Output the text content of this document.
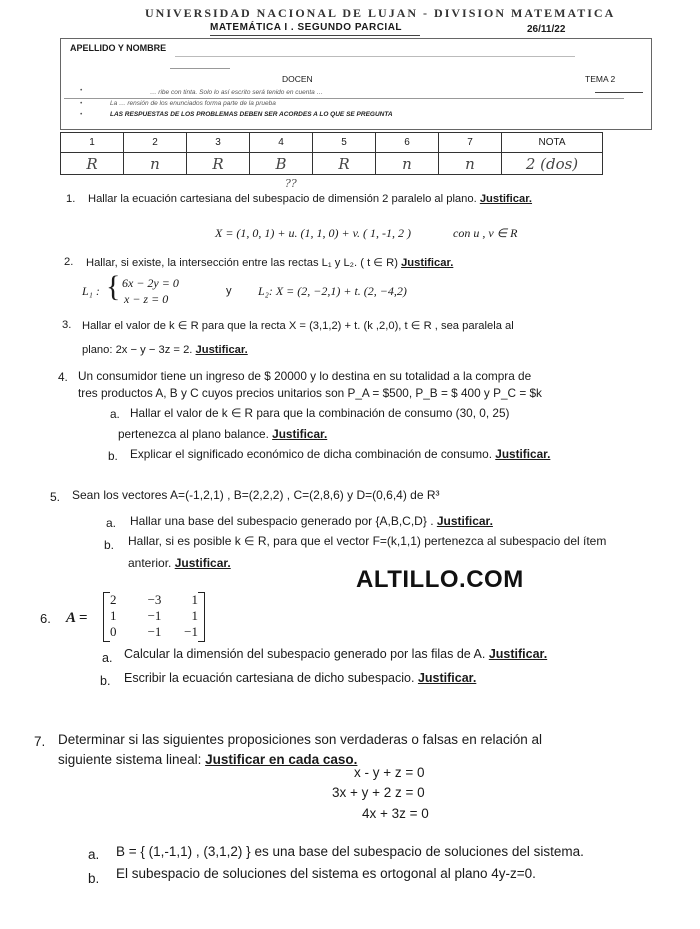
UNIVERSIDAD NACIONAL DE LUJAN - DIVISION MATEMATICA
MATEMÁTICA I . SEGUNDO PARCIAL	26/11/22
APELLIDO Y NOMBRE
DOCEN	TEMA 2
•	… ribe con tinta. Solo lo así escrito será tenido en cuenta …
•	La … rensión de los enunciados forma parte de la prueba
•	LAS RESPUESTAS DE LOS PROBLEMAS DEBEN SER ACORDES A LO QUE SE PREGUNTA
1	2	3	4	5	6	7	NOTA
R	n	R	B	R	n	n	2 (dos)
??
1. Hallar la ecuación cartesiana del subespacio de dimensión 2 paralelo al plano. Justificar.
X = (1, 0, 1) + u. (1, 1, 0) + v. ( 1, -1, 2 )	con u , v ∈ R
2. Hallar, si existe, la intersección entre las rectas L₁ y L₂. ( t ∈ R) Justificar.
L₁ : { 6x − 2y = 0
x − z = 0
y L₂: X = (2, −2,1) + t. (2, −4,2)
3. Hallar el valor de k ∈ R para que la recta X = (3,1,2) + t. (k ,2,0), t ∈ R , sea paralela al
plano: 2x − y − 3z = 2. Justificar.
4. Un consumidor tiene un ingreso de $ 20000 y lo destina en su totalidad a la compra de
tres productos A, B y C cuyos precios unitarios son P_A = $500, P_B = $ 400 y P_C = $k
a. Hallar el valor de k ∈ R para que la combinación de consumo (30, 0, 25)
pertenezca al plano balance. Justificar.
b. Explicar el significado económico de dicha combinación de consumo. Justificar.
5. Sean los vectores A=(-1,2,1) , B=(2,2,2) , C=(2,8,6) y D=(0,6,4) de R³
a. Hallar una base del subespacio generado por {A,B,C,D} . Justificar.
b. Hallar, si es posible k ∈ R, para que el vector F=(k,1,1) pertenezca al subespacio del ítem
anterior. Justificar.
ALTILLO.COM
6. A =
2	−3	1
1	−1	1
0	−1	−1
a. Calcular la dimensión del subespacio generado por las filas de A. Justificar.
b. Escribir la ecuación cartesiana de dicho subespacio. Justificar.
7. Determinar si las siguientes proposiciones son verdaderas o falsas en relación al
siguiente sistema lineal: Justificar en cada caso.
x - y + z = 0
3x + y + 2 z = 0
4x + 3z = 0
a. B = { (1,-1,1) , (3,1,2) } es una base del subespacio de soluciones del sistema.
b. El subespacio de soluciones del sistema es ortogonal al plano 4y-z=0.
